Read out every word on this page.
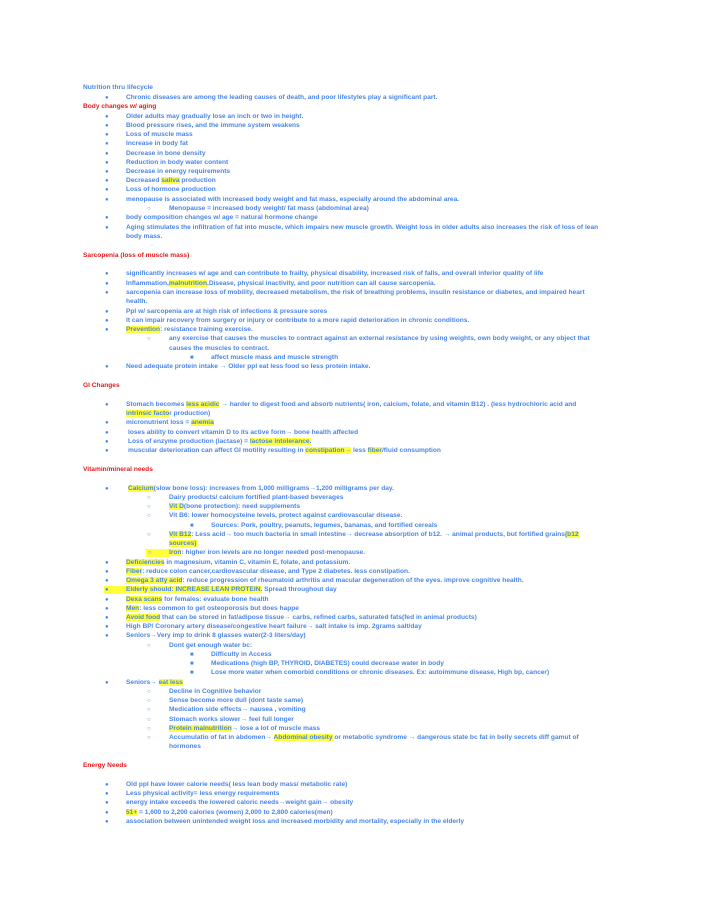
Nutrition thru lifecycle
●	Chronic diseases are among the leading causes of death, and poor lifestyles play a significant part.
Body changes w/ aging
●	Older adults may gradually lose an inch or two in height.
●	Blood pressure rises, and the immune system weakens
●	Loss of muscle mass
●	Increase in body fat
●	Decrease in bone density
●	Reduction in body water content
●	Decrease in energy requirements
●	Decreased saliva production
●	Loss of hormone production
●	menopause is associated with increased body weight and fat mass, especially around the abdominal area.
○	Menopause = increased body weight/ fat mass (abdominal area)
●	body composition changes w/ age = natural hormone change
●	Aging stimulates the infiltration of fat into muscle, which impairs new muscle growth. Weight loss in older adults also increases the risk of loss of lean
body mass.
Sarcopenia (loss of muscle mass)
●	significantly increases w/ age and can contribute to frailty, physical disability, increased risk of falls, and overall inferior quality of life
●	Inflammation,malnutrition,Disease, physical inactivity, and poor nutrition can all cause sarcopenia.
●	sarcopenia can increase loss of mobility, decreased metabolism, the risk of breathing problems, insulin resistance or diabetes, and impaired heart
health.
●	Ppl w/ sarcopenia are at high risk of infections & pressure sores
●	It can impair recovery from surgery or injury or contribute to a more rapid deterioration in chronic conditions.
●	Prevention: resistance training exercise.
○	any exercise that causes the muscles to contract against an external resistance by using weights, own body weight, or any object that
causes the muscles to contract.
■	affect muscle mass and muscle strength
●	Need adequate protein intake → Older ppl eat less food so less protein intake.
GI Changes
●	Stomach becomes less acidic → harder to digest food and absorb nutrients( iron, calcium, folate, and vitamin B12) . (less hydrochloric acid and
intrinsic factor production)
●	micronutrient loss = anemia
●	loses ability to convert vitamin D to its active form→ bone health affected
●	Loss of enzyme production (lactase) = lactose intolerance.
●	muscular deterioration can affect GI motility resulting in constipation→ less fiber/fluid consumption
Vitamin/mineral needs
●	Calcium(slow bone loss): increases from 1,000 milligrams→1,200 milligrams per day.
○	Dairy products/ calcium fortified plant-based beverages
○	Vit D(bone protection): need supplements
○	Vit B6: lower homocysteine levels, protect against cardiovascular disease.
■	Sources: Pork, poultry, peanuts, legumes, bananas, and fortified cereals
○	Vit B12: Less acid→ too much bacteria in small intestine→ decrease absorption of b12. → animal products, but fortified grains(b12
sources)
○	Iron: higher iron levels are no longer needed post-menopause.
●	Deficiencies in magnesium, vitamin C, vitamin E, folate, and potassium.
●	Fiber: reduce colon cancer,cardiovascular disease, and Type 2 diabetes. less constipation.
●	Omega 3 atty acid: reduce progression of rheumatoid arthritis and macular degeneration of the eyes. improve cognitive health.
●	Elderly should: INCREASE LEAN PROTEIN. Spread throughout day
●	Dexa scans for females: evaluate bone health
●	Men: less common to get osteoporosis but does happe
●	Avoid food that can be stored in fat/adipose tissue→ carbs, refined carbs, saturated fats(fed in animal products)
●	High BP/ Coronary artery disease/congestive heart failure→ salt intake is imp. 2grams salt/day
●	Seniors→Very imp to drink 8 glasses water(2-3 liters/day)
○	Dont get enough water bc:
■	Difficulty in Access
■	Medications (high BP, THYROID, DIABETES) could decrease water in body
■	Lose more water when comorbid conditions or chronic diseases. Ex: autoimmune disease, High bp, cancer)
●	Seniors→ eat less
○	Decline in Cognitive behavior
○	Sense become more dull (dont taste same)
○	Medication side effects→ nausea , vomiting
○	Stomach works slower→ feel full longer
○	Protein malnutrition→ lose a lot of muscle mass
○	Accumulatio of fat in abdomen→ Abdominal obesity or metabolic syndrome → dangerous state bc fat in belly secrets diff gamut of
hormones
Energy Needs
●	Old ppl have lower calorie needs( less lean body mass/ metabolic rate)
●	Less physical activity= less energy requirements
●	energy intake exceeds the lowered caloric needs→weight gain→ obesity
●	51+ = 1,600 to 2,200 calories (women) 2,000 to 2,800 calories(men)
●	association between unintended weight loss and increased morbidity and mortality, especially in the elderly
